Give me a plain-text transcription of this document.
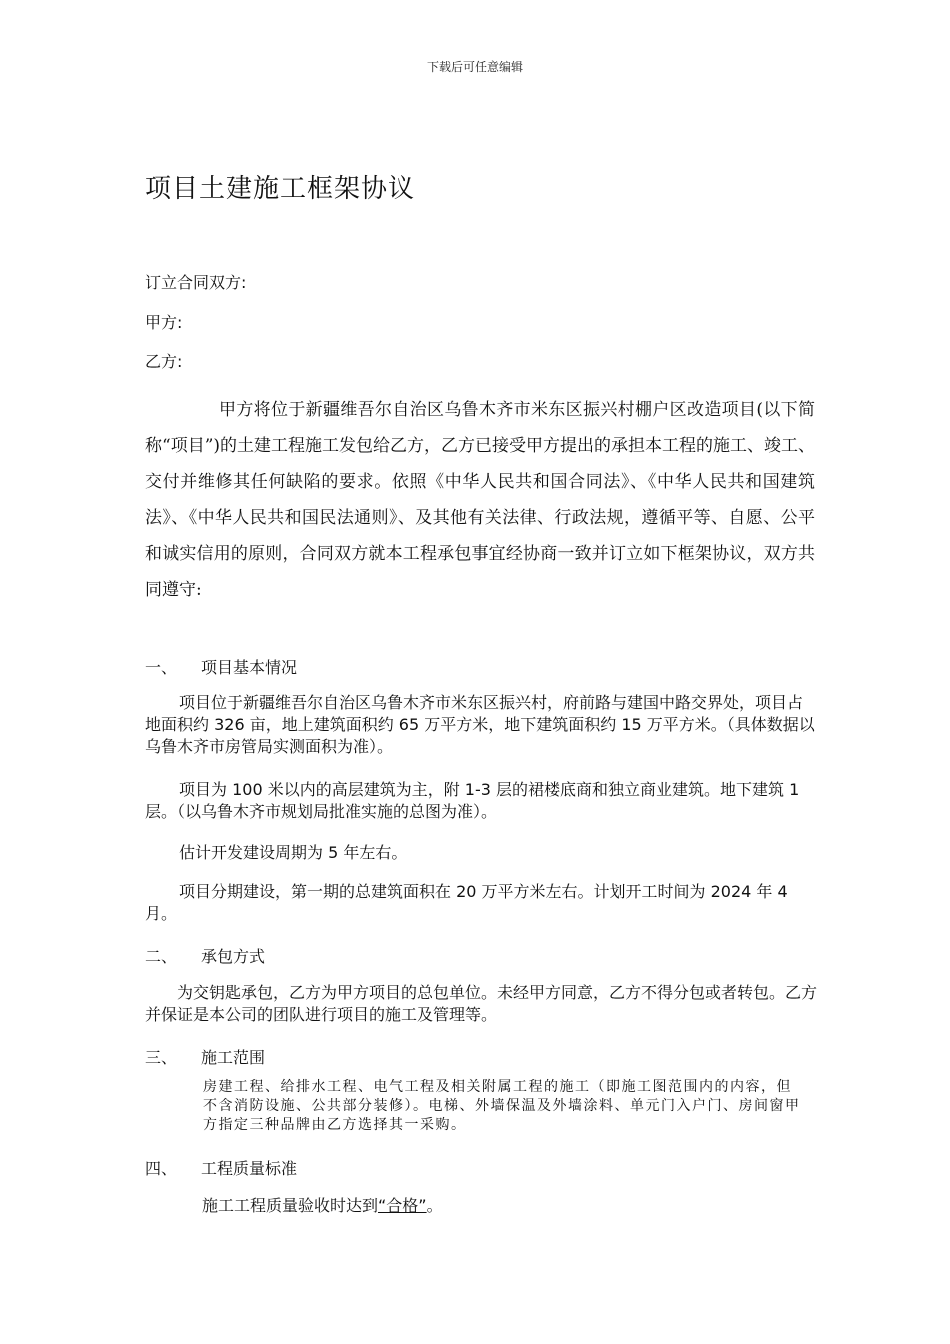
下载后可任意编辑
项目土建施工框架协议
订立合同双方:
甲方:
乙方:

甲方将位于新疆维吾尔自治区乌鲁木齐市米东区振兴村棚户区改造项目(以下简称“项目”)的土建工程施工发包给乙方，乙方已接受甲方提出的承担本工程的施工、竣工、交付并维修其任何缺陷的要求。依照《中华人民共和国合同法》、《中华人民共和国建筑法》、《中华人民共和国民法通则》、及其他有关法律、行政法规，遵循平等、自愿、公平和诚实信用的原则，合同双方就本工程承包事宜经协商一致并订立如下框架协议，双方共同遵守:

一、 项目基本情况

项目位于新疆维吾尔自治区乌鲁木齐市米东区振兴村，府前路与建国中路交界处，项目占地面积约 326 亩，地上建筑面积约 65 万平方米，地下建筑面积约 15 万平方米。（具体数据以乌鲁木齐市房管局实测面积为准）。

项目为 100 米以内的高层建筑为主，附 1-3 层的裙楼底商和独立商业建筑。地下建筑 1 层。（以乌鲁木齐市规划局批准实施的总图为准）。

估计开发建设周期为 5 年左右。

项目分期建设，第一期的总建筑面积在 20 万平方米左右。计划开工时间为 2024 年 4 月。

二、 承包方式

为交钥匙承包，乙方为甲方项目的总包单位。未经甲方同意，乙方不得分包或者转包。乙方并保证是本公司的团队进行项目的施工及管理等。

三、 施工范围

房建工程、给排水工程、电气工程及相关附属工程的施工（即施工图范围内的内容，但不含消防设施、公共部分装修）。电梯、外墙保温及外墙涂料、单元门入户门、房间窗甲方指定三种品牌由乙方选择其一采购。

四、 工程质量标准
施工工程质量验收时达到“合格”。
